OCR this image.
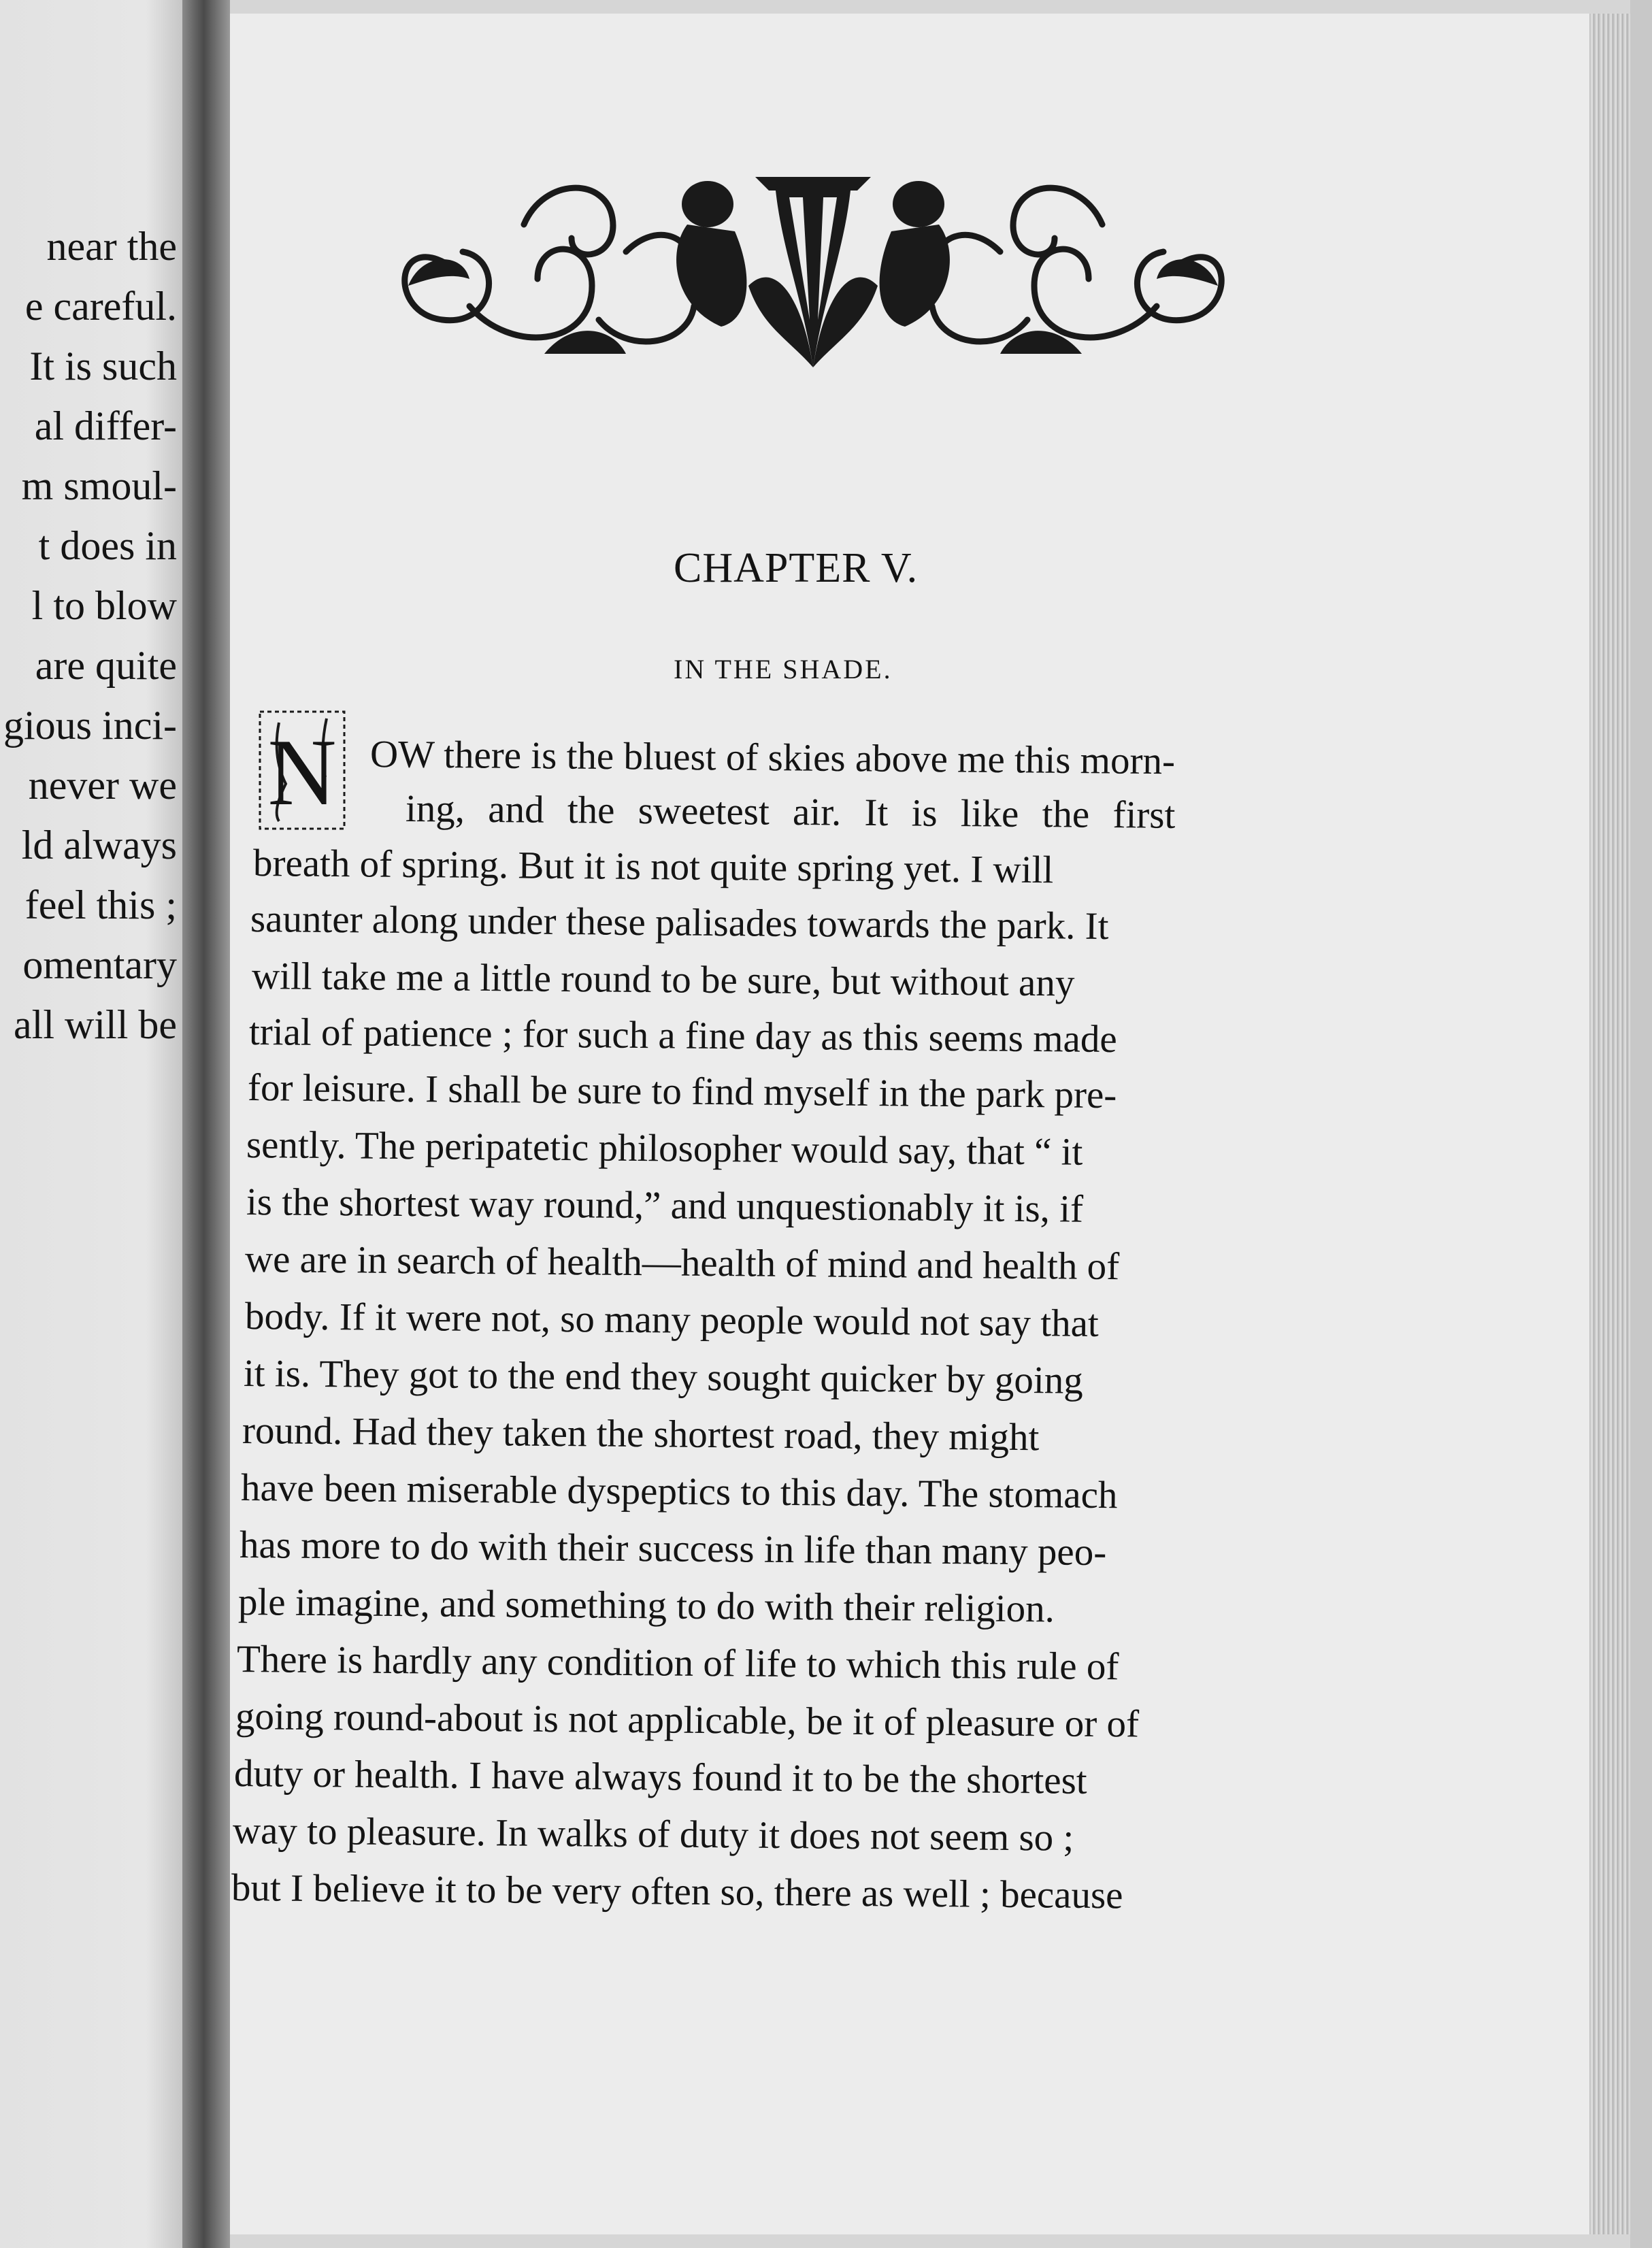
near the
e careful.
It is such
al differ-
m smoul-
t does in
l to blow
are quite
gious inci-
never we
ld always
feel this ;
omentary
all will be
CHAPTER V.
IN THE SHADE.
N OW there is the bluest of skies above me this morn-
ing, and the sweetest air. It is like the first
breath of spring. But it is not quite spring yet. I will
saunter along under these palisades towards the park. It
will take me a little round to be sure, but without any
trial of patience ; for such a fine day as this seems made
for leisure. I shall be sure to find myself in the park pre-
sently. The peripatetic philosopher would say, that “ it
is the shortest way round,” and unquestionably it is, if
we are in search of health—health of mind and health of
body. If it were not, so many people would not say that
it is. They got to the end they sought quicker by going
round. Had they taken the shortest road, they might
have been miserable dyspeptics to this day. The stomach
has more to do with their success in life than many peo-
ple imagine, and something to do with their religion.
There is hardly any condition of life to which this rule of
going round-about is not applicable, be it of pleasure or of
duty or health. I have always found it to be the shortest
way to pleasure. In walks of duty it does not seem so ;
but I believe it to be very often so, there as well ; because
